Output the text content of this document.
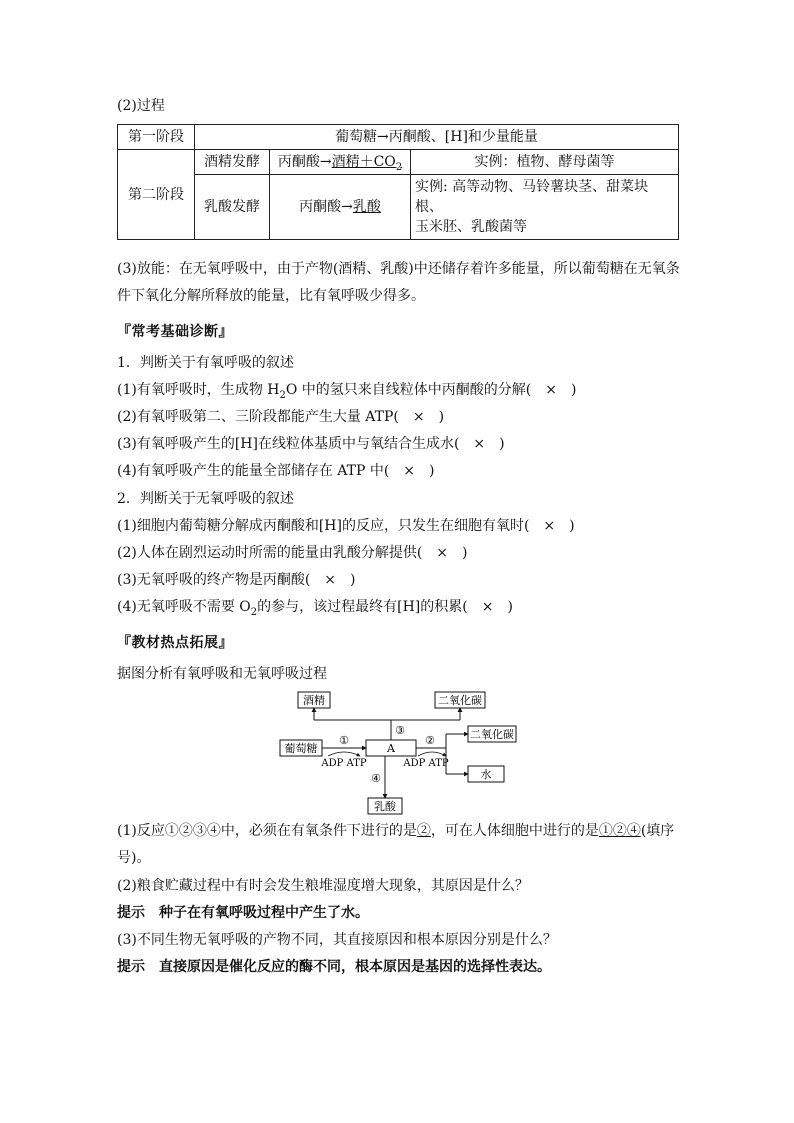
(2)过程
第一阶段	葡萄糖→丙酮酸、[H]和少量能量		
第二阶段	酒精发酵	丙酮酸→酒精$+CO_2$	实例：植物、酵母菌等
	乳酸发酵	丙酮酸→乳酸	实例: 高等动物、马铃薯块茎、甜菜块根、
玉米胚、乳酸菌等
(3)放能：在无氧呼吸中，由于产物(酒精、乳酸)中还储存着许多能量，所以葡萄糖在无氧条
件下氧化分解所释放的能量，比有氧呼吸少得多。
『常考基础诊断』
1．判断关于有氧呼吸的叙述
(1)有氧呼吸时，生成物 $H_2O$ 中的氢只来自线粒体中丙酮酸的分解(　×　)
(2)有氧呼吸第二、三阶段都能产生大量 ATP(　×　)
(3)有氧呼吸产生的[H]在线粒体基质中与氧结合生成水(　×　)
(4)有氧呼吸产生的能量全部储存在 ATP 中(　×　)
2．判断关于无氧呼吸的叙述
(1)细胞内葡萄糖分解成丙酮酸和[H]的反应，只发生在细胞有氧时(　×　)
(2)人体在剧烈运动时所需的能量由乳酸分解提供(　×　)
(3)无氧呼吸的终产物是丙酮酸(　×　)
(4)无氧呼吸不需要 $O_2$的参与，该过程最终有[H]的积累(　×　)
『教材热点拓展』
据图分析有氧呼吸和无氧呼吸过程
酒精	二氧化碳
葡萄糖	A
二氧化碳
水
乳酸
①
ADP ATP
②
ADP ATP
③
④
(1)反应①②③④中，必须在有氧条件下进行的是②，可在人体细胞中进行的是①②④(填序
号)。
(2)粮食贮藏过程中有时会发生粮堆湿度增大现象，其原因是什么？
提示　种子在有氧呼吸过程中产生了水。
(3)不同生物无氧呼吸的产物不同，其直接原因和根本原因分别是什么？
提示　直接原因是催化反应的酶不同，根本原因是基因的选择性表达。
